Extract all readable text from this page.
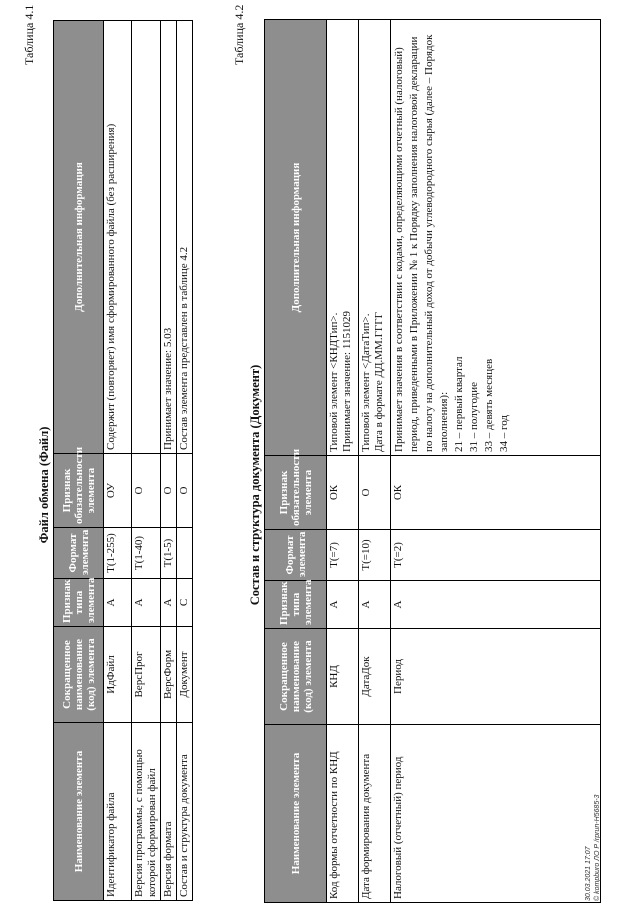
Таблица 4.1
Файл обмена (Файл)
Наименование элемента	Сокращенное наименование (код) элемента	Признак типа элемента	Формат элемента	Признак обязательности элемента	Дополнительная информация
Идентификатор файла	ИдФайл	А	T(1-255)	ОУ	Содержит (повторяет) имя сформированного файла (без расширения)
Версия программы, с помощью которой сформирован файл	ВерсПрог	А	T(1-40)	О	
Версия формата	ВерсФорм	А	T(1-5)	О	Принимает значение: 5.03
Состав и структура документа	Документ	С		О	Состав элемента представлен в таблице 4.2
Таблица 4.2
Состав и структура документа (Документ)
Наименование элемента	Сокращенное наименование (код) элемента	Признак типа элемента	Формат элемента	Признак обязательности элемента	Дополнительная информация
Код формы отчетности по КНД	КНД	А	T(=7)	ОК	Типовой элемент <КНДТип>. Принимает значение: 1151029

Дата формирования документа	ДатаДок	А	T(=10)	О	Типовой элемент <ДатаТип>. Дата в формате ДД.ММ.ГГГГ

Налоговый (отчетный) период	Период	А	T(=2)	ОК	Принимает значения в соответствии с кодами, определяющими отчетный (налоговый) период, приведенными в Приложении № 1 к Порядку заполнения налоговой декларации по налогу на дополнительный доход от добычи углеводородного сырья (далее – Порядок заполнения): 21 – первый квартал 31 – полугодие 33 – девять месяцев 34 – год
30.03.2021 17:07 © kompburo ЛО Р /rprun-H5685-3
